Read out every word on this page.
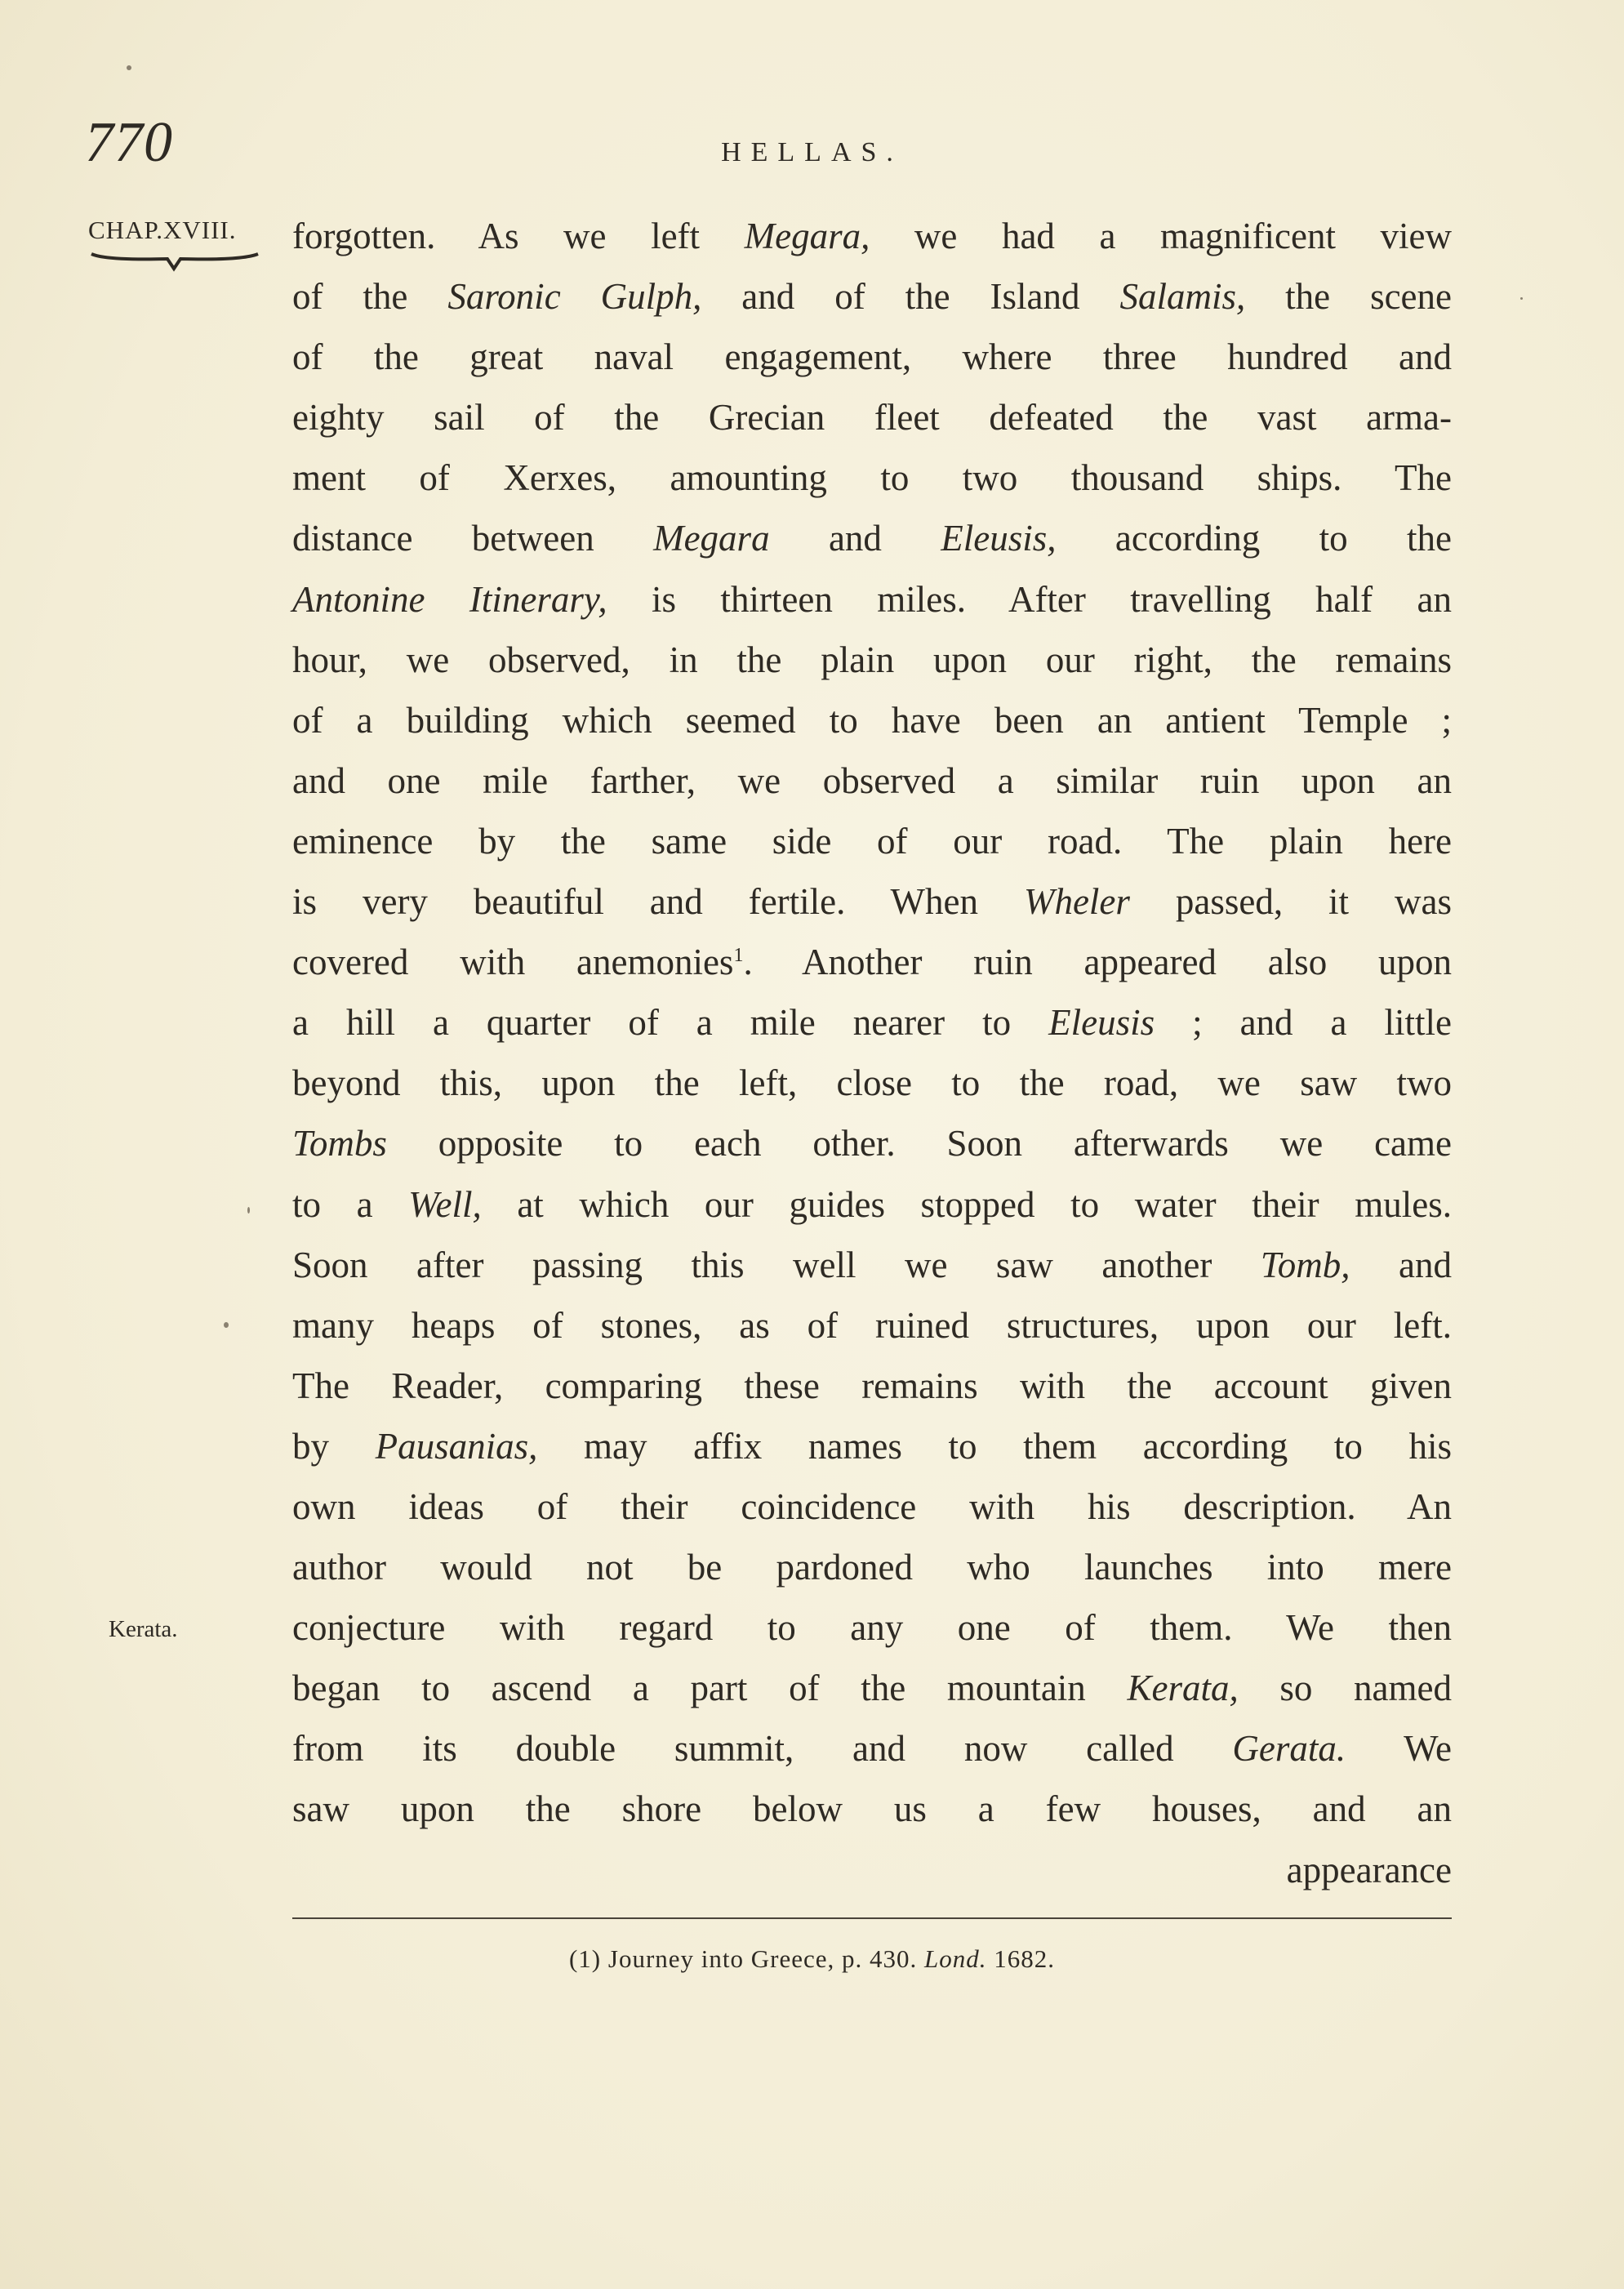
770	HELLAS.
CHAP.XVIII.
Kerata.
forgotten. As we left Megara, we had a magnificent view
of the Saronic Gulph, and of the Island Salamis, the scene
of the great naval engagement, where three hundred and
eighty sail of the Grecian fleet defeated the vast arma-
ment of Xerxes, amounting to two thousand ships. The
distance between Megara and Eleusis, according to the
Antonine Itinerary, is thirteen miles. After travelling half an
hour, we observed, in the plain upon our right, the remains
of a building which seemed to have been an antient Temple ;
and one mile farther, we observed a similar ruin upon an
eminence by the same side of our road. The plain here
is very beautiful and fertile. When Wheler passed, it was
covered with anemonies$^1$. Another ruin appeared also upon
a hill a quarter of a mile nearer to Eleusis ; and a little
beyond this, upon the left, close to the road, we saw two
Tombs opposite to each other. Soon afterwards we came
to a Well, at which our guides stopped to water their mules.
Soon after passing this well we saw another Tomb, and
many heaps of stones, as of ruined structures, upon our left.
The Reader, comparing these remains with the account given
by Pausanias, may affix names to them according to his
own ideas of their coincidence with his description. An
author would not be pardoned who launches into mere
conjecture with regard to any one of them. We then
began to ascend a part of the mountain Kerata, so named
from its double summit, and now called Gerata. We
saw upon the shore below us a few houses, and an
appearance
(1) Journey into Greece, p. 430. Lond. 1682.
